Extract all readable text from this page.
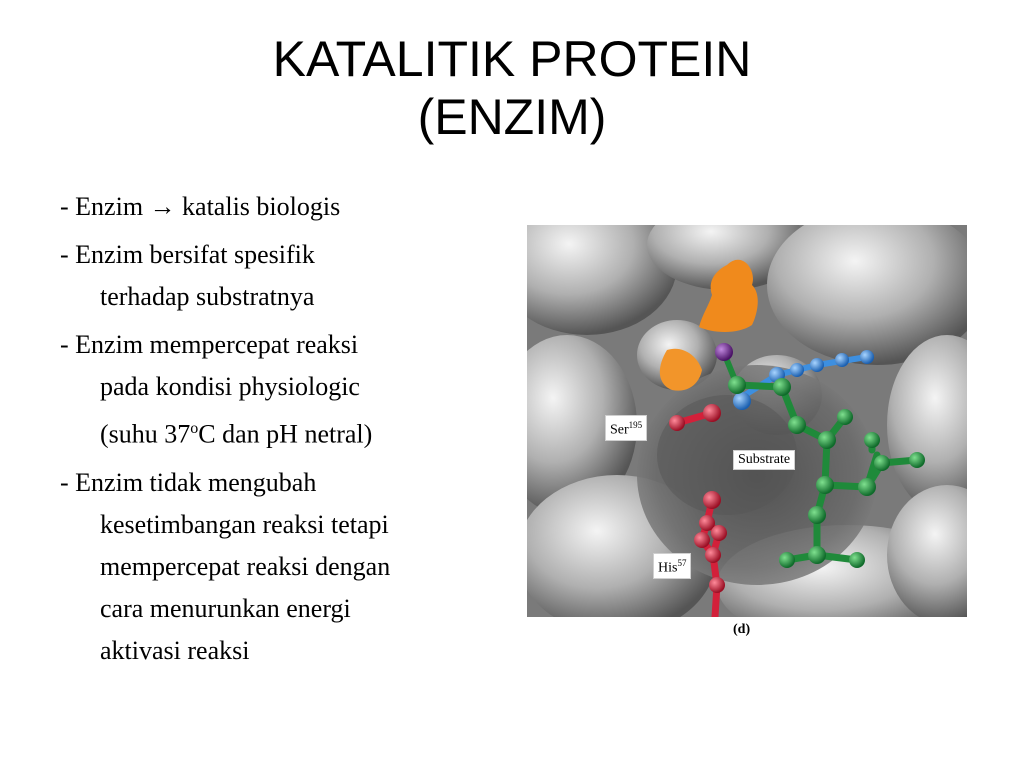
KATALITIK PROTEIN
(ENZIM)
- Enzim → katalis biologis
- Enzim bersifat spesifik
terhadap substratnya
- Enzim mempercepat reaksi
pada kondisi physiologic
(suhu 37$^o$C dan pH netral)
- Enzim tidak mengubah
kesetimbangan reaksi tetapi
mempercepat reaksi dengan
cara menurunkan energi
aktivasi reaksi
Ser$^{195}$
Substrate
His$^{57}$
(d)
